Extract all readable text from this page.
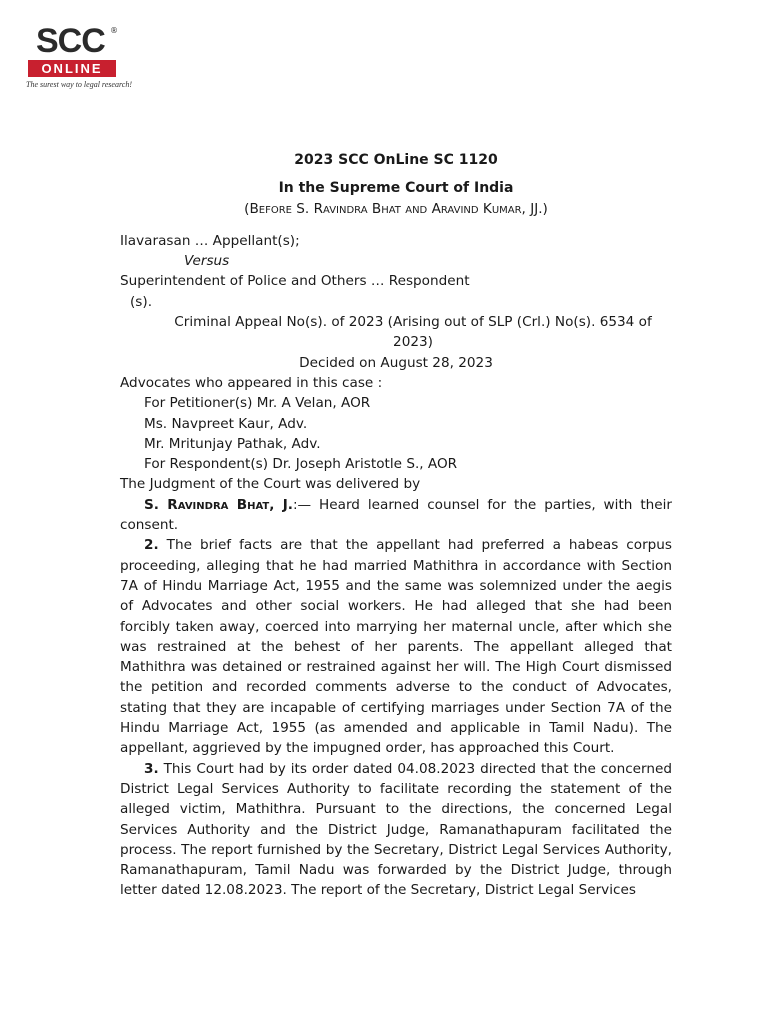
SCC ®
ONLINE
The surest way to legal research!

2023 SCC OnLine SC 1120

In the Supreme Court of India

(Before S. Ravindra Bhat and Aravind Kumar, JJ.)

Ilavarasan … Appellant(s);

Versus

Superintendent of Police and Others … Respondent

(s).

Criminal Appeal No(s). of 2023 (Arising out of SLP (Crl.) No(s). 6534 of 2023)

Decided on August 28, 2023

Advocates who appeared in this case :

For Petitioner(s) Mr. A Velan, AOR

Ms. Navpreet Kaur, Adv.

Mr. Mritunjay Pathak, Adv.

For Respondent(s) Dr. Joseph Aristotle S., AOR

The Judgment of the Court was delivered by

S. Ravindra Bhat, J.:— Heard learned counsel for the parties, with their consent.

2. The brief facts are that the appellant had preferred a habeas corpus proceeding, alleging that he had married Mathithra in accordance with Section 7A of Hindu Marriage Act, 1955 and the same was solemnized under the aegis of Advocates and other social workers. He had alleged that she had been forcibly taken away, coerced into marrying her maternal uncle, after which she was restrained at the behest of her parents. The appellant alleged that Mathithra was detained or restrained against her will. The High Court dismissed the petition and recorded comments adverse to the conduct of Advocates, stating that they are incapable of certifying marriages under Section 7A of the Hindu Marriage Act, 1955 (as amended and applicable in Tamil Nadu). The appellant, aggrieved by the impugned order, has approached this Court.

3. This Court had by its order dated 04.08.2023 directed that the concerned District Legal Services Authority to facilitate recording the statement of the alleged victim, Mathithra. Pursuant to the directions, the concerned Legal Services Authority and the District Judge, Ramanathapuram facilitated the process. The report furnished by the Secretary, District Legal Services Authority, Ramanathapuram, Tamil Nadu was forwarded by the District Judge, through letter dated 12.08.2023. The report of the Secretary, District Legal Services
